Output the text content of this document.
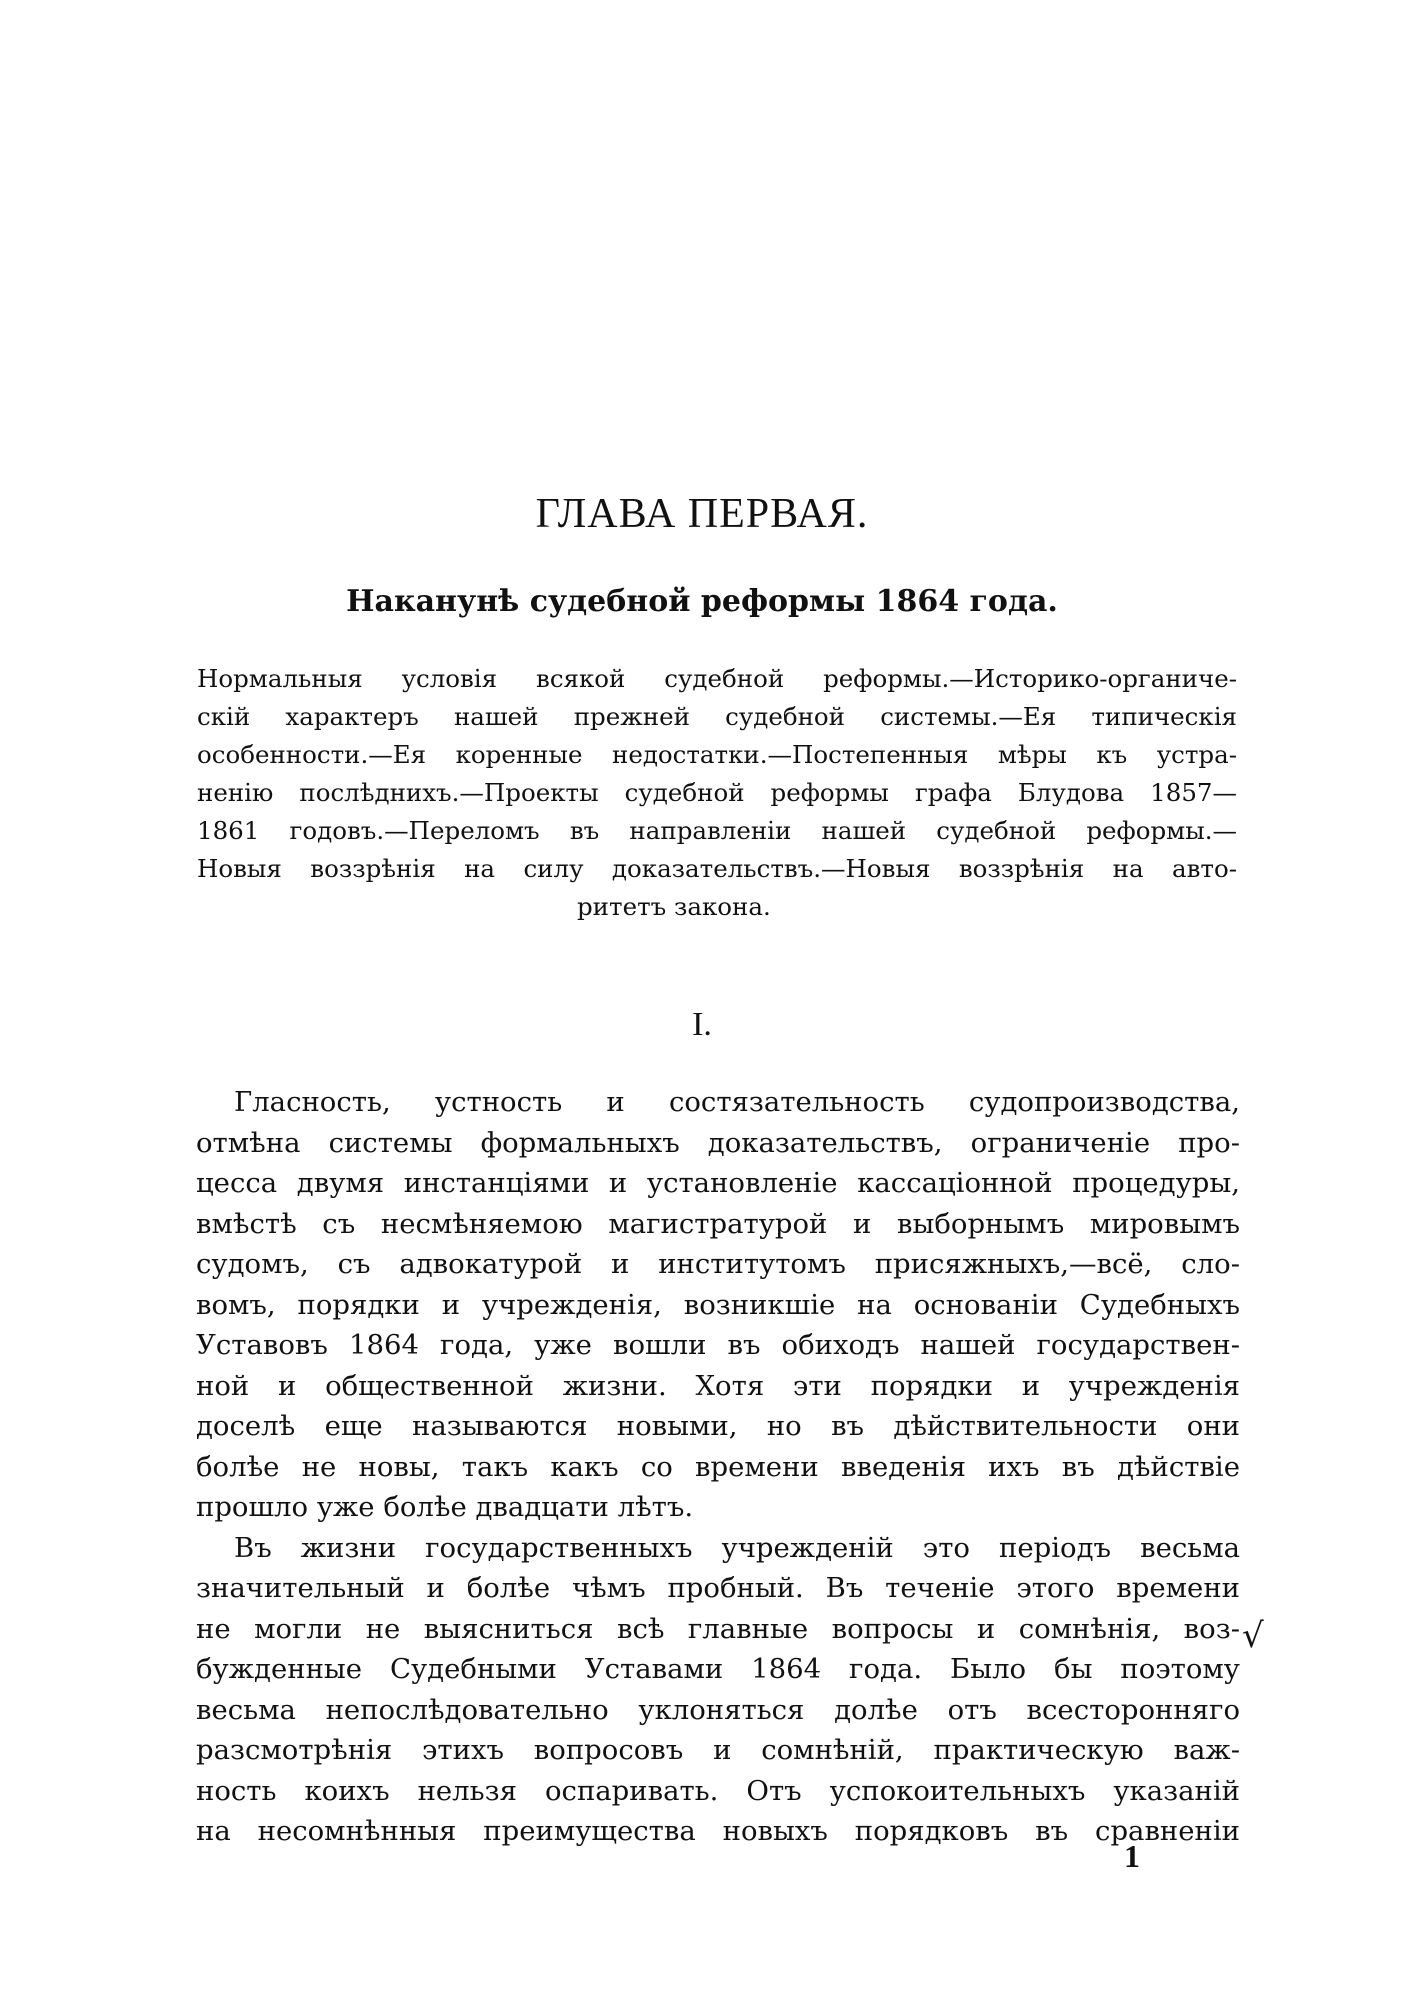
ГЛАВА ПЕРВАЯ.
Наканунѣ судебной реформы 1864 года.
Нормальныя условія всякой судебной реформы.—Историко-органиче-
скій характеръ нашей прежней судебной системы.—Ея типическія
особенности.—Ея коренные недостатки.—Постепенныя мѣры къ устра-
ненію послѣднихъ.—Проекты судебной реформы графа Блудова 1857—
1861 годовъ.—Переломъ въ направленіи нашей судебной реформы.—
Новыя воззрѣнія на силу доказательствъ.—Новыя воззрѣнія на авто-
ритетъ закона.
I.
Гласность, устность и состязательность судопроизводства,
отмѣна системы формальныхъ доказательствъ, ограниченіе про-
цесса двумя инстанціями и установленіе кассаціонной процедуры,
вмѣстѣ съ несмѣняемою магистратурой и выборнымъ мировымъ
судомъ, съ адвокатурой и институтомъ присяжныхъ,—всё, сло-
вомъ, порядки и учрежденія, возникшіе на основаніи Судебныхъ
Уставовъ 1864 года, уже вошли въ обиходъ нашей государствен-
ной и общественной жизни. Хотя эти порядки и учрежденія
доселѣ еще называются новыми, но въ дѣйствительности они
болѣе не новы, такъ какъ со времени введенія ихъ въ дѣйствіе
прошло уже болѣе двадцати лѣтъ.
Въ жизни государственныхъ учрежденій это періодъ весьма
значительный и болѣе чѣмъ пробный. Въ теченіе этого времени
не могли не выясниться всѣ главные вопросы и сомнѣнія, воз-
бужденные Судебными Уставами 1864 года. Было бы поэтому
весьма непослѣдовательно уклоняться долѣе отъ всесторонняго
разсмотрѣнія этихъ вопросовъ и сомнѣній, практическую важ-
ность коихъ нельзя оспаривать. Отъ успокоительныхъ указаній
на несомнѣнныя преимущества новыхъ порядковъ въ сравненіи
√
1
